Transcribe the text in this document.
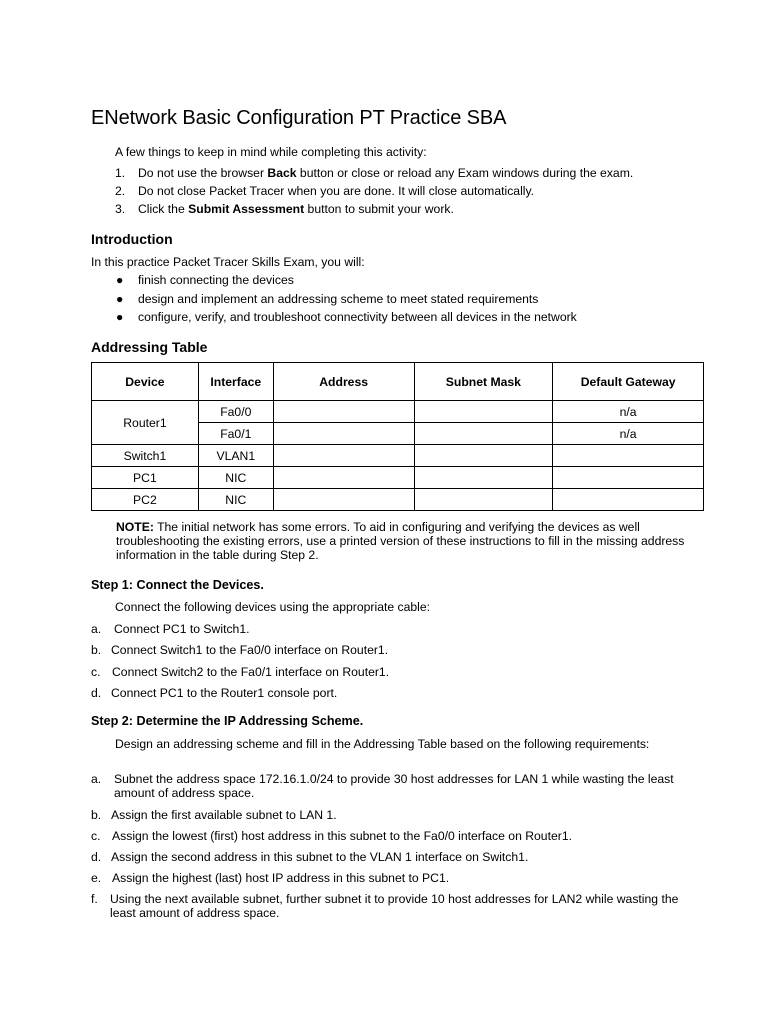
ENetwork Basic Configuration PT Practice SBA
A few things to keep in mind while completing this activity:
1. Do not use the browser Back button or close or reload any Exam windows during the exam.
2. Do not close Packet Tracer when you are done. It will close automatically.
3. Click the Submit Assessment button to submit your work.
Introduction
In this practice Packet Tracer Skills Exam, you will:
● finish connecting the devices
● design and implement an addressing scheme to meet stated requirements
● configure, verify, and troubleshoot connectivity between all devices in the network
Addressing Table
Device	Interface	Address	Subnet Mask	Default Gateway
Router1	Fa0/0			n/a
	Fa0/1			n/a
Switch1	VLAN1			
PC1	NIC			
PC2	NIC			
NOTE: The initial network has some errors. To aid in configuring and verifying the devices as well troubleshooting the existing errors, use a printed version of these instructions to fill in the missing address information in the table during Step 2.
Step 1: Connect the Devices.
Connect the following devices using the appropriate cable:
a. Connect PC1 to Switch1.
b. Connect Switch1 to the Fa0/0 interface on Router1.
c. Connect Switch2 to the Fa0/1 interface on Router1.
d. Connect PC1 to the Router1 console port.
Step 2: Determine the IP Addressing Scheme.
Design an addressing scheme and fill in the Addressing Table based on the following requirements:
a. Subnet the address space 172.16.1.0/24 to provide 30 host addresses for LAN 1 while wasting the least amount of address space.
b. Assign the first available subnet to LAN 1.
c. Assign the lowest (first) host address in this subnet to the Fa0/0 interface on Router1.
d. Assign the second address in this subnet to the VLAN 1 interface on Switch1.
e. Assign the highest (last) host IP address in this subnet to PC1.
f. Using the next available subnet, further subnet it to provide 10 host addresses for LAN2 while wasting the least amount of address space.
